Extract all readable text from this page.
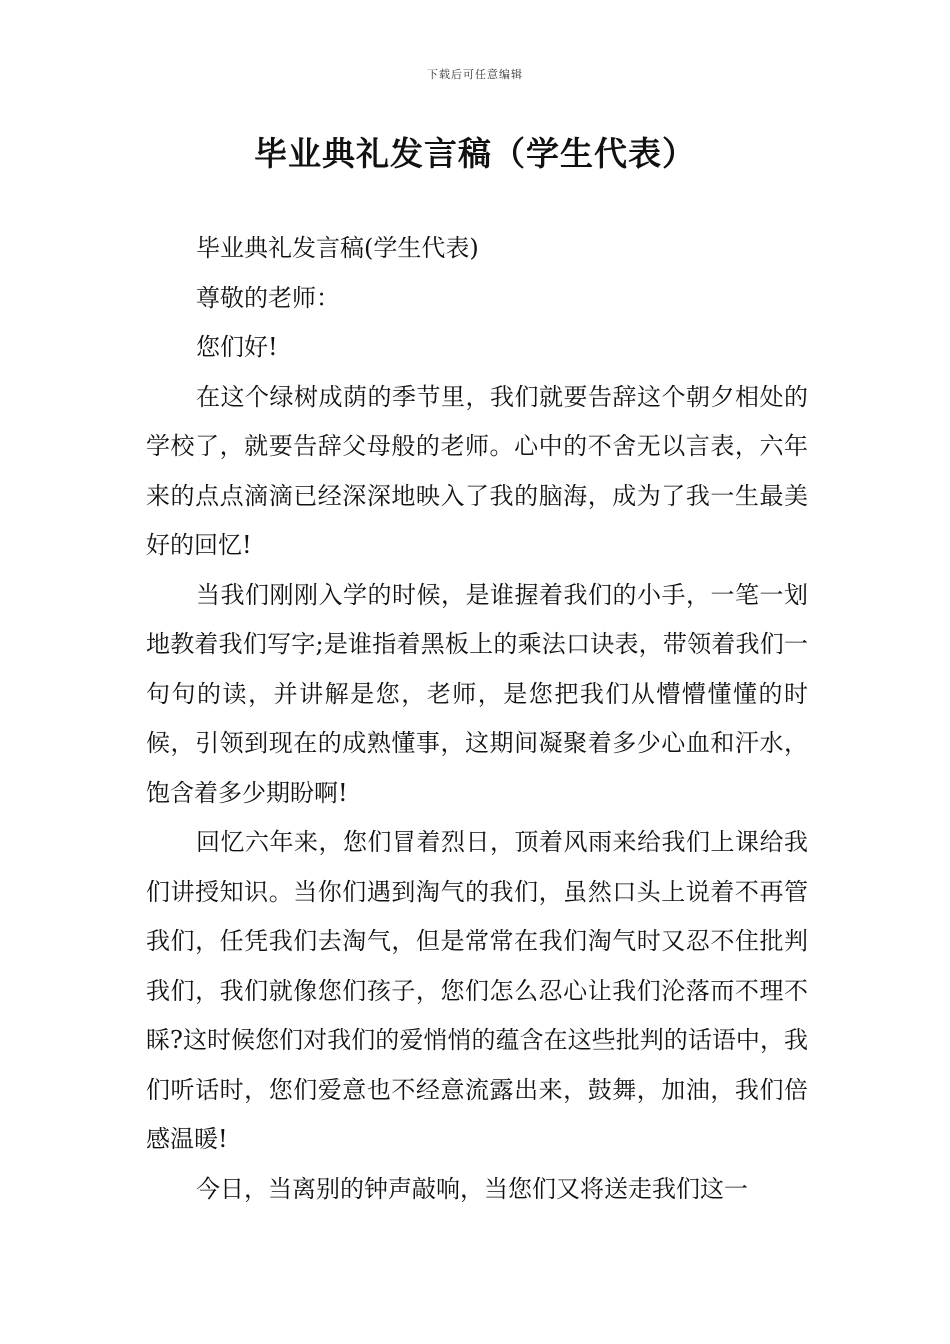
下载后可任意编辑
毕业典礼发言稿（学生代表）

毕业典礼发言稿(学生代表)

尊敬的老师：

您们好!

在这个绿树成荫的季节里，我们就要告辞这个朝夕相处的学校了，就要告辞父母般的老师。心中的不舍无以言表，六年来的点点滴滴已经深深地映入了我的脑海，成为了我一生最美好的回忆!

当我们刚刚入学的时候，是谁握着我们的小手，一笔一划地教着我们写字;是谁指着黑板上的乘法口诀表，带领着我们一句句的读，并讲解是您，老师，是您把我们从懵懵懂懂的时候，引领到现在的成熟懂事，这期间凝聚着多少心血和汗水，饱含着多少期盼啊!

回忆六年来，您们冒着烈日，顶着风雨来给我们上课给我们讲授知识。当你们遇到淘气的我们，虽然口头上说着不再管我们，任凭我们去淘气，但是常常在我们淘气时又忍不住批判我们，我们就像您们孩子，您们怎么忍心让我们沦落而不理不睬?这时候您们对我们的爱悄悄的蕴含在这些批判的话语中，我们听话时，您们爱意也不经意流露出来，鼓舞，加油，我们倍感温暖!

今日，当离别的钟声敲响，当您们又将送走我们这一
